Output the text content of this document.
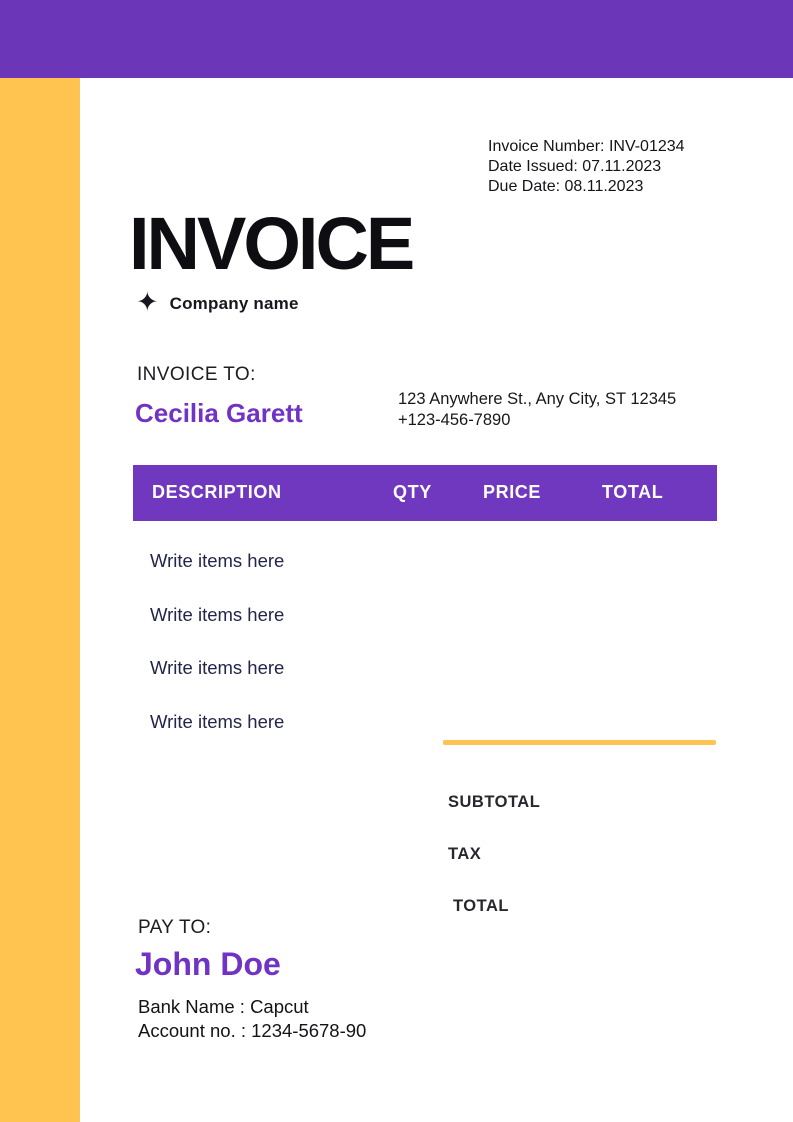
Invoice Number: INV-01234
Date Issued: 07.11.2023
Due Date: 08.11.2023
INVOICE
✦ Company name
INVOICE TO:
Cecilia Garett	123 Anywhere St., Any City, ST 12345
+123-456-7890
DESCRIPTION	QTY	PRICE	TOTAL
Write items here
Write items here
Write items here
Write items here
SUBTOTAL
TAX
TOTAL
PAY TO:
John Doe
Bank Name : Capcut
Account no. : 1234-5678-90
